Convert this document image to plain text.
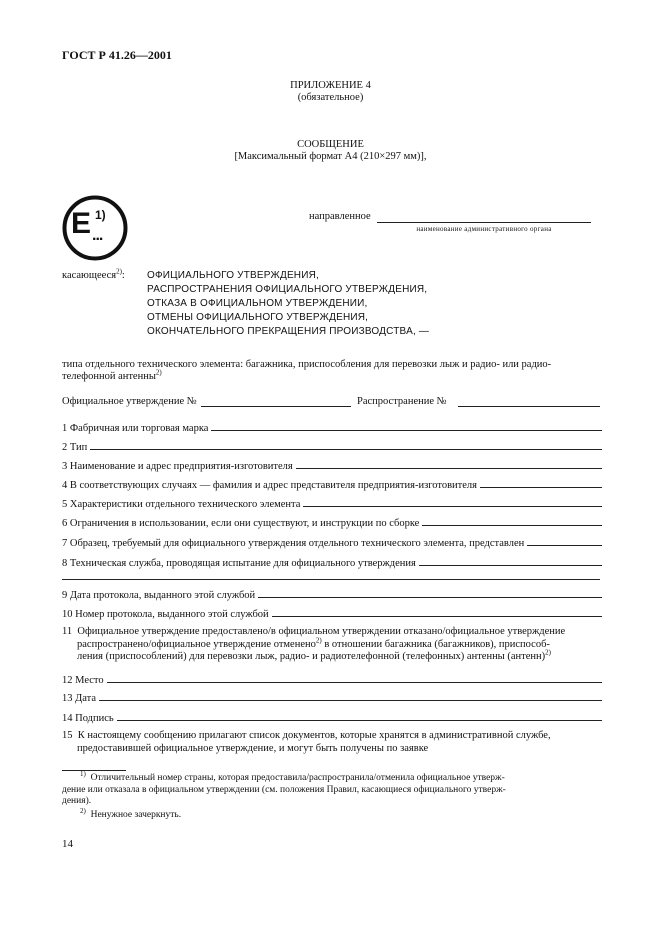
ГОСТ Р 41.26—2001
ПРИЛОЖЕНИЕ 4
(обязательное)
СООБЩЕНИЕ
[Максимальный формат А4 (210×297 мм)],
E 1)
...
направленное
наименование административного органа
касающееся$^{2)}$: ОФИЦИАЛЬНОГО УТВЕРЖДЕНИЯ,
РАСПРОСТРАНЕНИЯ ОФИЦИАЛЬНОГО УТВЕРЖДЕНИЯ,
ОТКАЗА В ОФИЦИАЛЬНОМ УТВЕРЖДЕНИИ,
ОТМЕНЫ ОФИЦИАЛЬНОГО УТВЕРЖДЕНИЯ,
ОКОНЧАТЕЛЬНОГО ПРЕКРАЩЕНИЯ ПРОИЗВОДСТВА, —
типа отдельного технического элемента: багажника, приспособления для перевозки лыж и радио- или радио-
телефонной антенны$^{2)}$
Официальное утверждение №	Распространение №
1
Фабричная или торговая марка
2
Тип
3
Наименование и адрес предприятия-изготовителя
4
В соответствующих случаях — фамилия и адрес представителя предприятия-изготовителя
5
Характеристики отдельного технического элемента
6
Ограничения в использовании, если они существуют, и инструкции по сборке
7
Образец, требуемый для официального утверждения отдельного технического элемента, представлен
8
Техническая служба, проводящая испытание для официального утверждения
9
Дата протокола, выданного этой службой
10
Номер протокола, выданного этой службой
11 Официальное утверждение предоставлено/в официальном утверждении отказано/официальное утверждение
распространено/официальное утверждение отменено$^{2)}$ в отношении багажника (багажников), приспособ-
ления (приспособлений) для перевозки лыж, радио- и радиотелефонной (телефонных) антенны (антенн)$^{2)}$
12
Место
13
Дата
14
Подпись
15 К настоящему сообщению прилагают список документов, которые хранятся в административной службе,
предоставившей официальное утверждение, и могут быть получены по заявке
$^{1)}$ Отличительный номер страны, которая предоставила/распространила/отменила официальное утверж-
дение или отказала в официальном утверждении (см. положения Правил, касающиеся официального утверж-
дения).
$^{2)}$ Ненужное зачеркнуть.
14
